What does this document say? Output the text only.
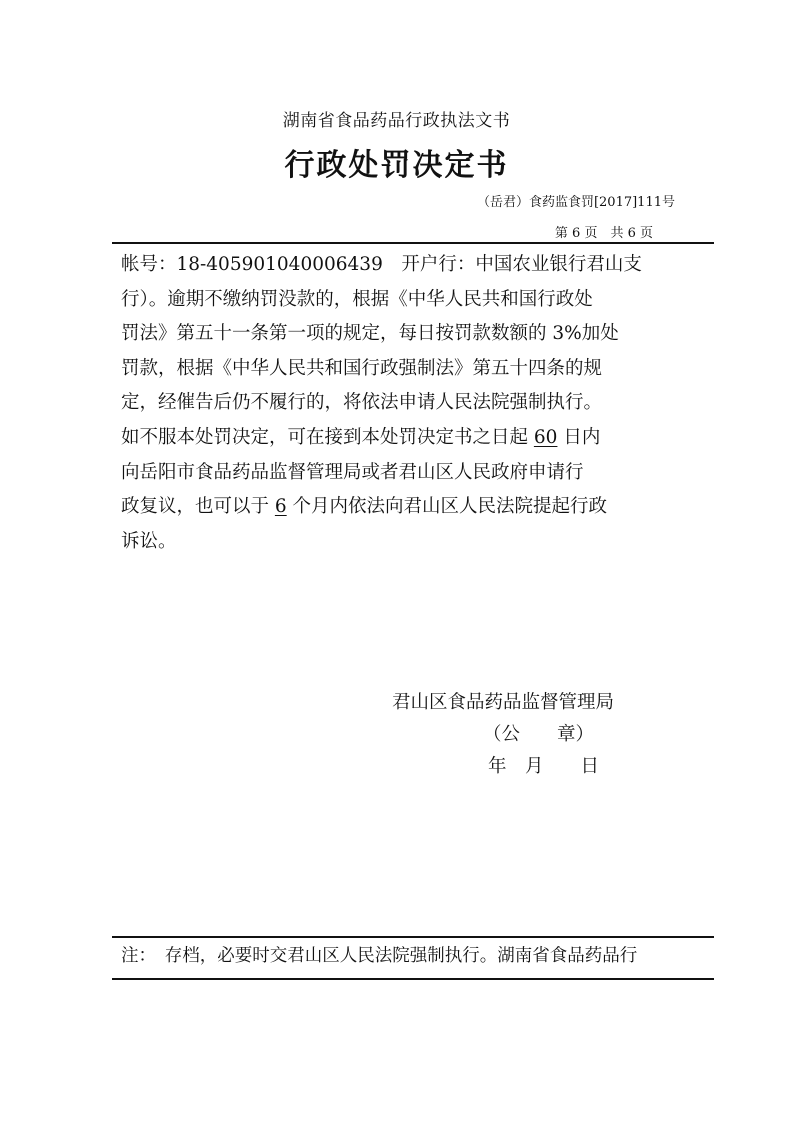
湖南省食品药品行政执法文书
行政处罚决定书
（岳君）食药监食罚[2017]111号
第 6 页　共 6 页

帐号：18-405901040006439　开户行：中国农业银行君山支

行）。逾期不缴纳罚没款的，根据《中华人民共和国行政处

罚法》第五十一条第一项的规定，每日按罚款数额的 3%加处

罚款，根据《中华人民共和国行政强制法》第五十四条的规

定，经催告后仍不履行的，将依法申请人民法院强制执行。

如不服本处罚决定，可在接到本处罚决定书之日起 60 日内

向岳阳市食品药品监督管理局或者君山区人民政府申请行

政复议，也可以于 6 个月内依法向君山区人民法院提起行政

诉讼。

君山区食品药品监督管理局
（公　　章）
年　月　　日
注：　存档，必要时交君山区人民法院强制执行。湖南省食品药品行
